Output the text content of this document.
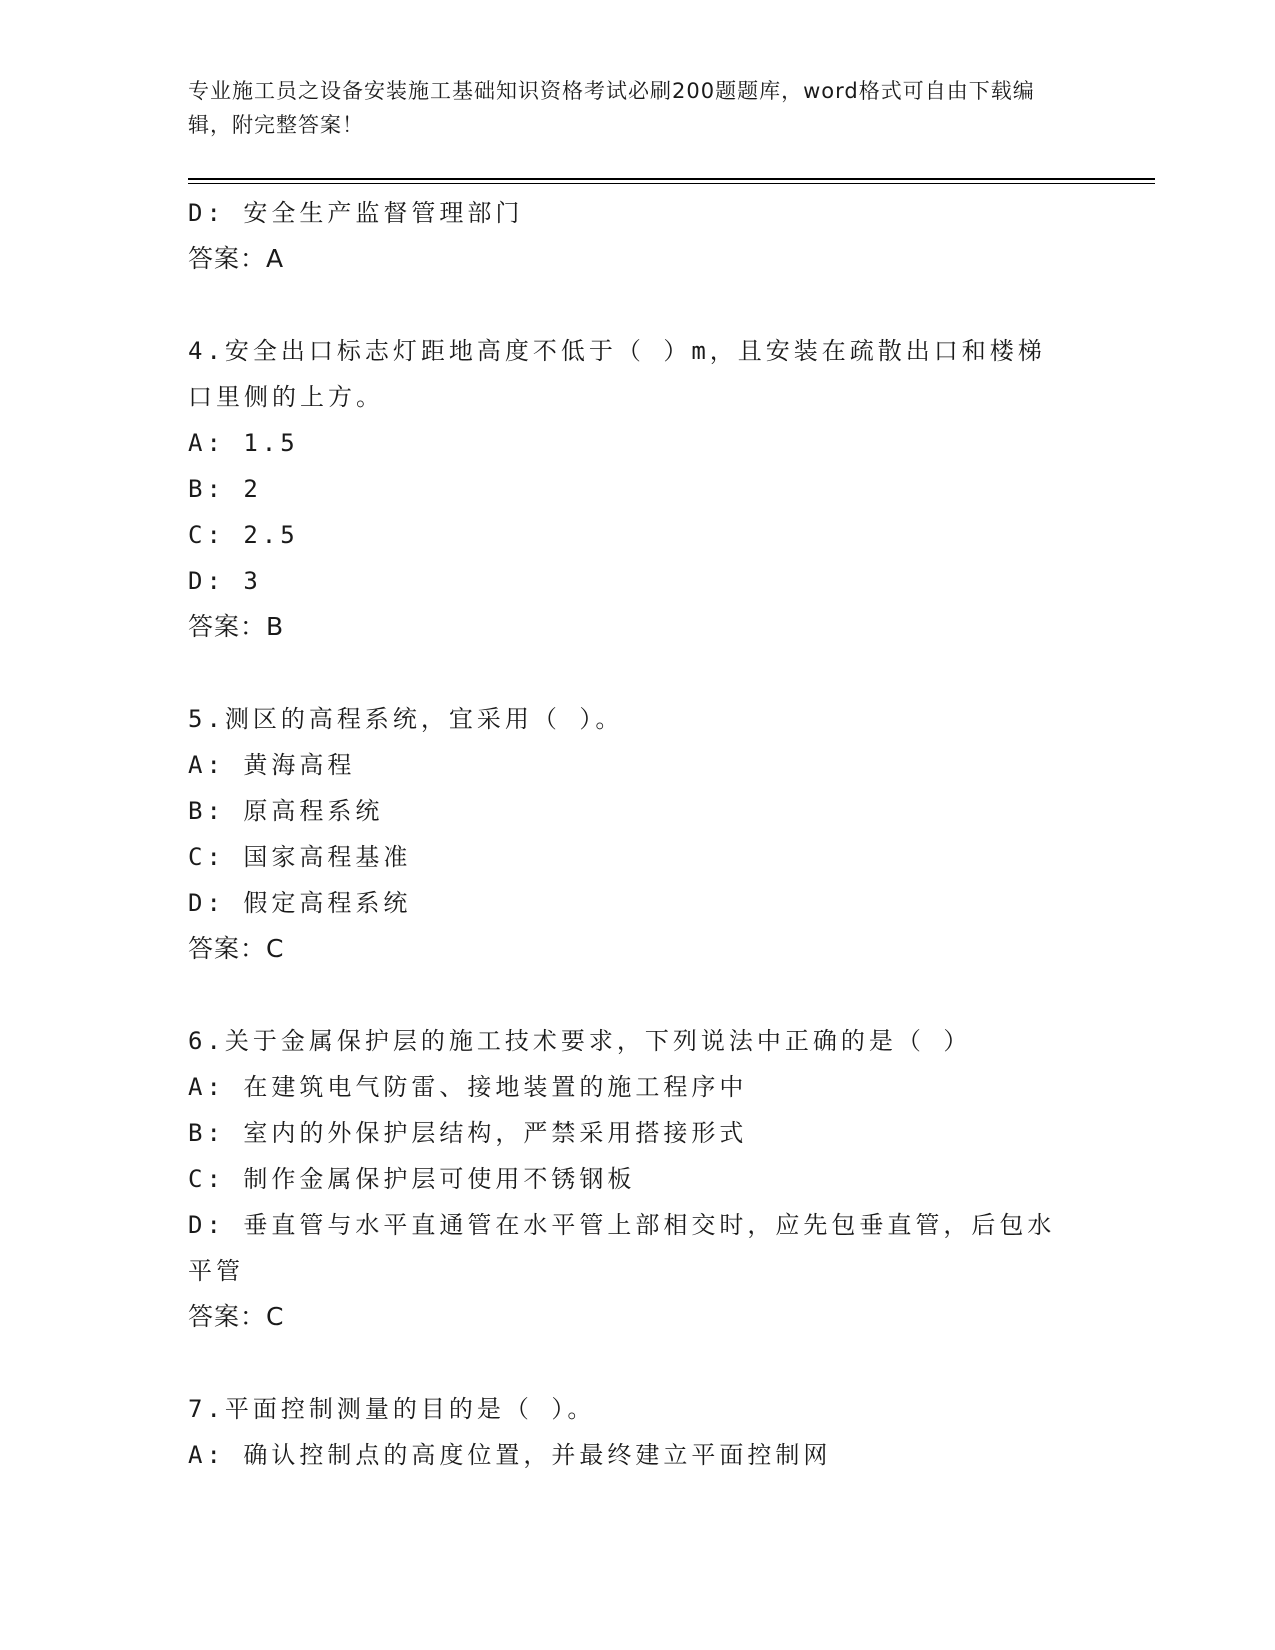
专业施工员之设备安装施工基础知识资格考试必刷200题题库，word格式可自由下载编辑，附完整答案！
D: 安全生产监督管理部门
答案：A
4.安全出口标志灯距地高度不低于（ ）m，且安装在疏散出口和楼梯
口里侧的上方。
A: 1.5
B: 2
C: 2.5
D: 3
答案：B
5.测区的高程系统，宜采用（ ）。
A: 黄海高程
B: 原高程系统
C: 国家高程基准
D: 假定高程系统
答案：C
6.关于金属保护层的施工技术要求，下列说法中正确的是（ ）
A: 在建筑电气防雷、接地装置的施工程序中
B: 室内的外保护层结构，严禁采用搭接形式
C: 制作金属保护层可使用不锈钢板
D: 垂直管与水平直通管在水平管上部相交时，应先包垂直管，后包水
平管
答案：C
7.平面控制测量的目的是（ ）。
A: 确认控制点的高度位置，并最终建立平面控制网
